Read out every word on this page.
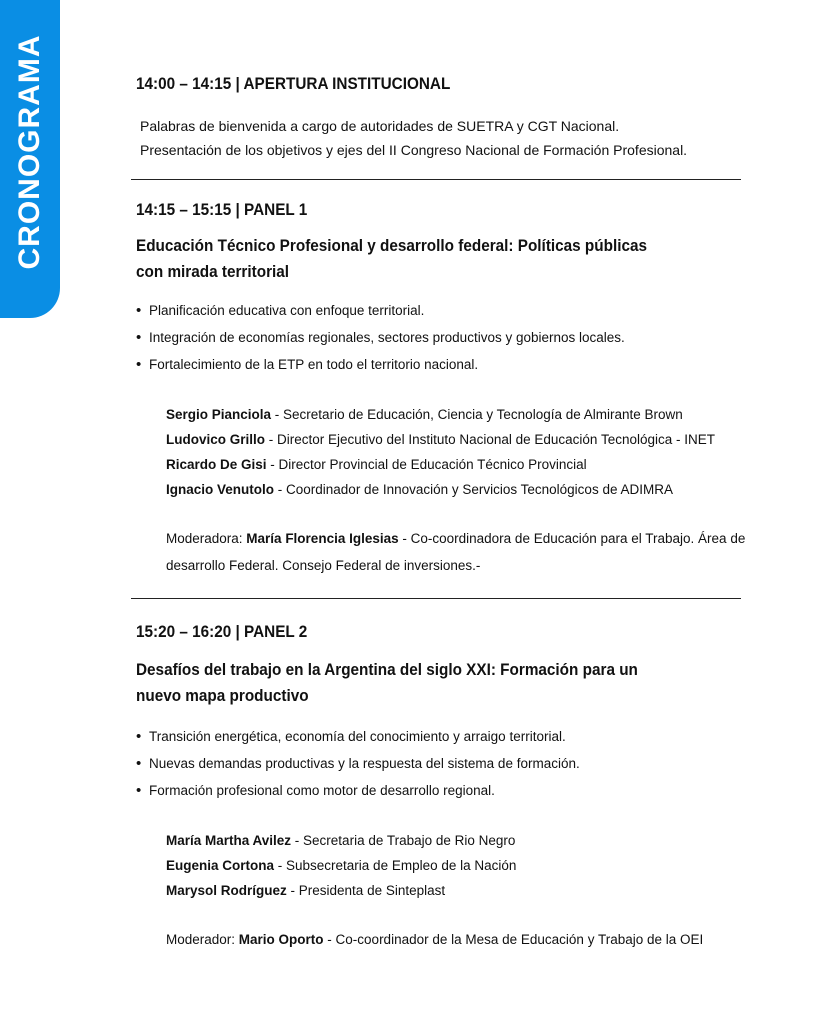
CRONOGRAMA	14:00 – 14:15 | APERTURA INSTITUCIONAL

Palabras de bienvenida a cargo de autoridades de SUETRA y CGT Nacional.

Presentación de los objetivos y ejes del II Congreso Nacional de Formación Profesional.

14:15 – 15:15 | PANEL 1
Educación Técnico Profesional y desarrollo federal: Políticas públicas
con mirada territorial
• Planificación educativa con enfoque territorial.
• Integración de economías regionales, sectores productivos y gobiernos locales.
• Fortalecimiento de la ETP en todo el territorio nacional.
Sergio Pianciola - Secretario de Educación, Ciencia y Tecnología de Almirante Brown
Ludovico Grillo - Director Ejecutivo del Instituto Nacional de Educación Tecnológica - INET
Ricardo De Gisi - Director Provincial de Educación Técnico Provincial
Ignacio Venutolo - Coordinador de Innovación y Servicios Tecnológicos de ADIMRA
Moderadora: María Florencia Iglesias - Co-coordinadora de Educación para el Trabajo. Área de desarrollo Federal. Consejo Federal de inversiones.-
15:20 – 16:20 | PANEL 2
Desafíos del trabajo en la Argentina del siglo XXI: Formación para un
nuevo mapa productivo
• Transición energética, economía del conocimiento y arraigo territorial.
• Nuevas demandas productivas y la respuesta del sistema de formación.
• Formación profesional como motor de desarrollo regional.
María Martha Avilez - Secretaria de Trabajo de Rio Negro
Eugenia Cortona - Subsecretaria de Empleo de la Nación
Marysol Rodríguez - Presidenta de Sinteplast
Moderador: Mario Oporto - Co-coordinador de la Mesa de Educación y Trabajo de la OEI
